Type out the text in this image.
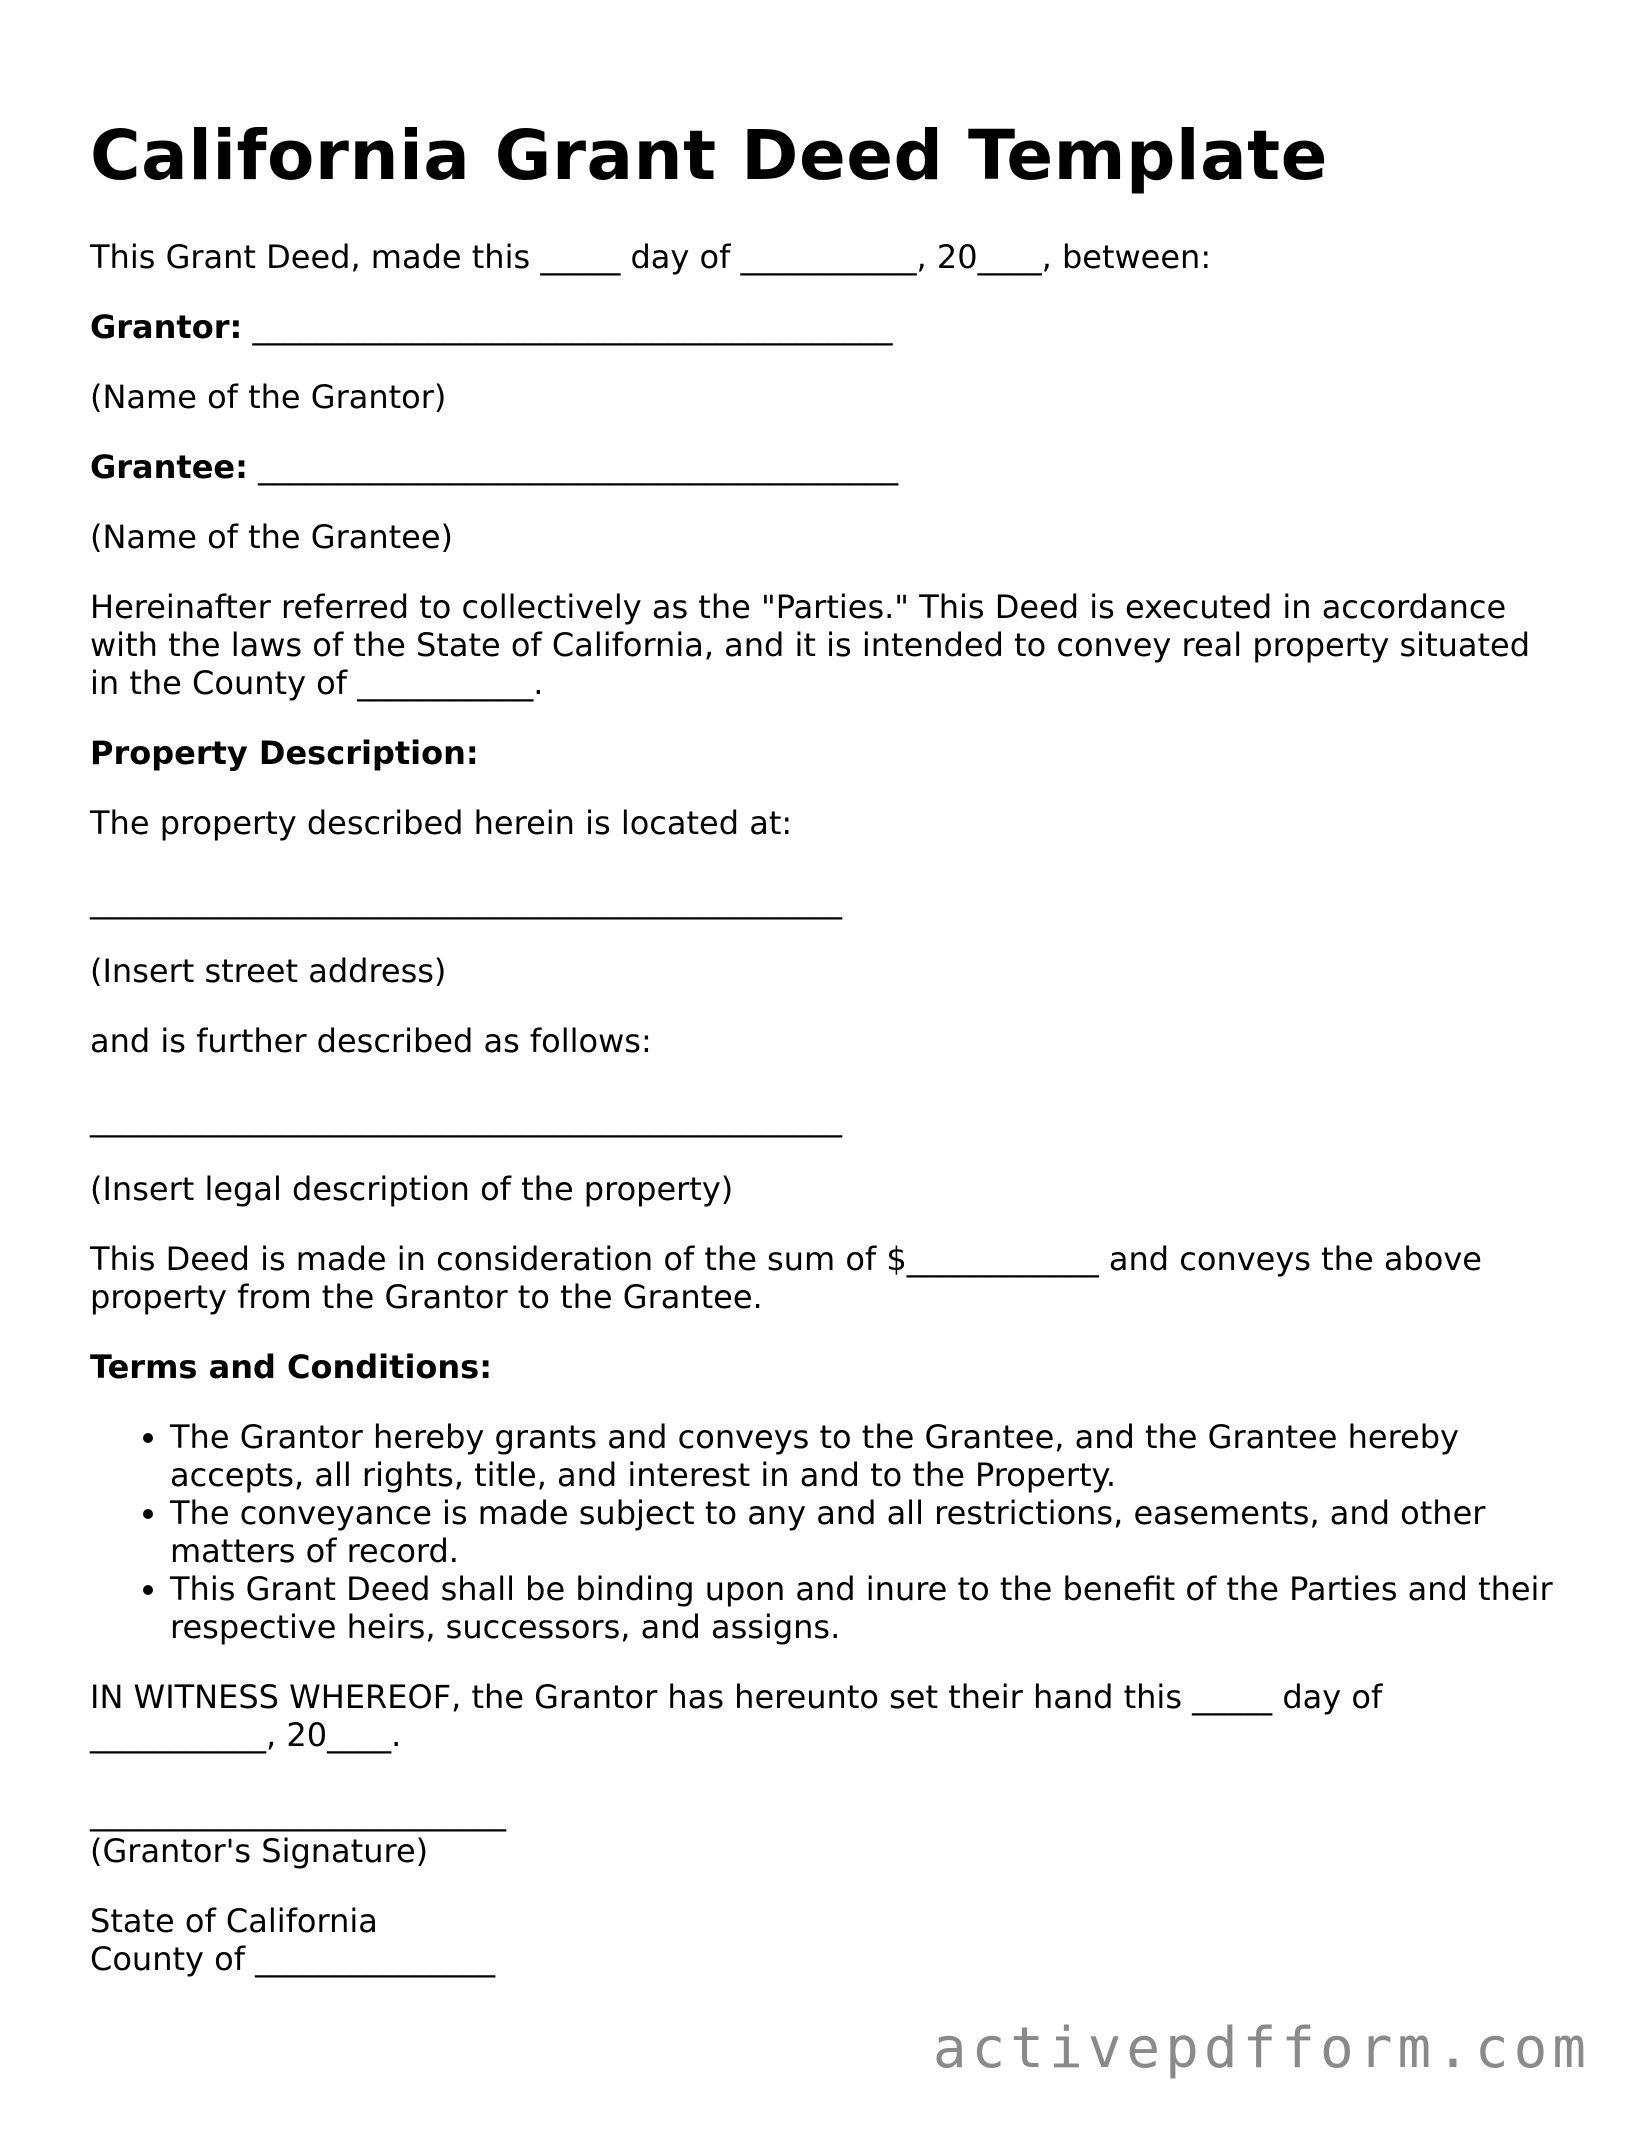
California Grant Deed Template

This Grant Deed, made this _____ day of ___________, 20____, between:

Grantor: ________________________________________

(Name of the Grantor)

Grantee: ________________________________________

(Name of the Grantee)

Hereinafter referred to collectively as the "Parties." This Deed is executed in accordance with the laws of the State of California, and it is intended to convey real property situated in the County of ___________.

Property Description:

The property described herein is located at:

_______________________________________________

(Insert street address)

and is further described as follows:

_______________________________________________

(Insert legal description of the property)

This Deed is made in consideration of the sum of $____________ and conveys the above property from the Grantor to the Grantee.

Terms and Conditions:

• The Grantor hereby grants and conveys to the Grantee, and the Grantee hereby accepts, all rights, title, and interest in and to the Property.
• The conveyance is made subject to any and all restrictions, easements, and other matters of record.
• This Grant Deed shall be binding upon and inure to the benefit of the Parties and their respective heirs, successors, and assigns.

IN WITNESS WHEREOF, the Grantor has hereunto set their hand this _____ day of ___________, 20____.

__________________________

(Grantor's Signature)

State of California

County of _______________

activepdfform.com
